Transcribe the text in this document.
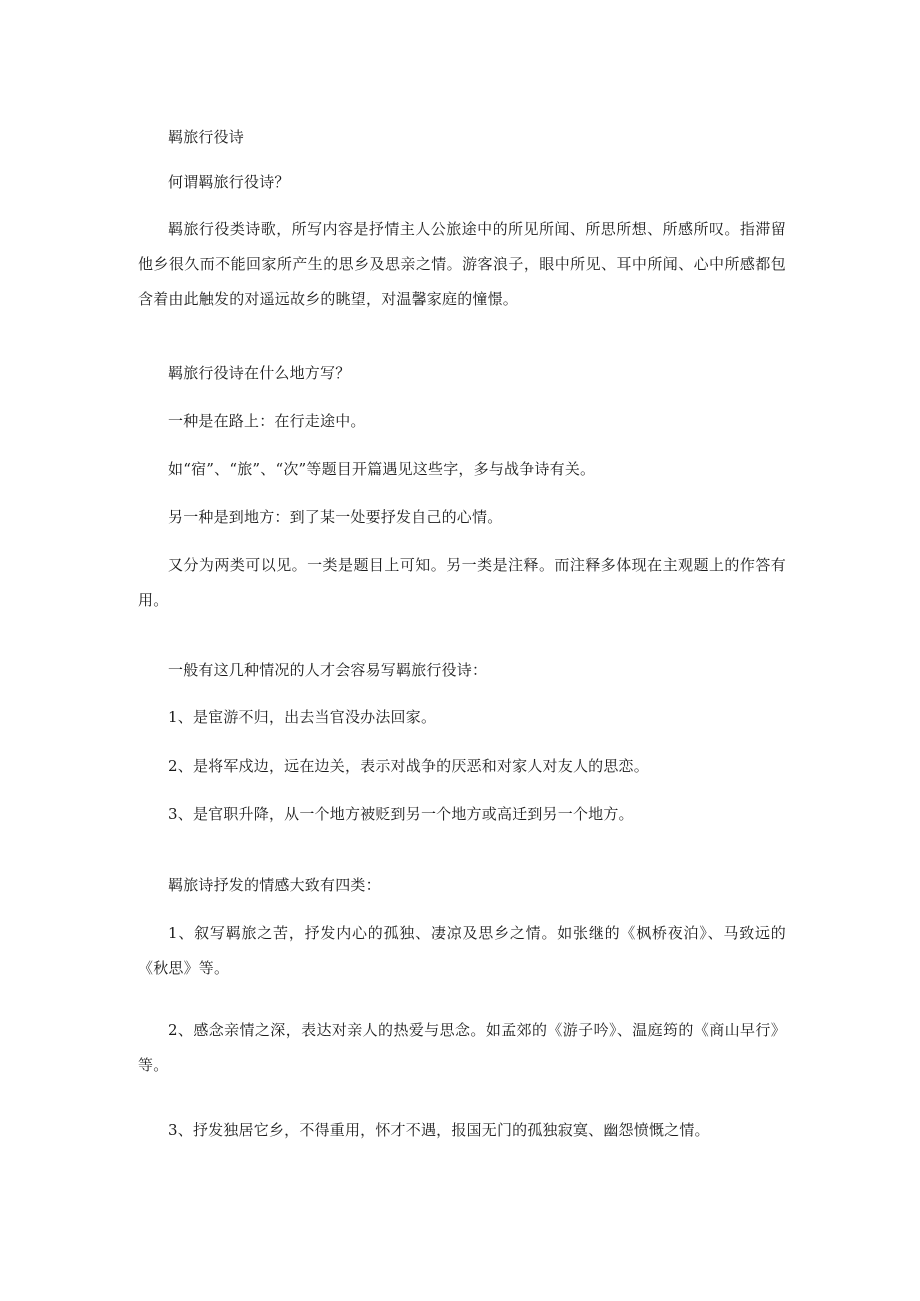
羁旅行役诗

何谓羁旅行役诗？

羁旅行役类诗歌，所写内容是抒情主人公旅途中的所见所闻、所思所想、所感所叹。指滞留他乡很久而不能回家所产生的思乡及思亲之情。游客浪子，眼中所见、耳中所闻、心中所感都包含着由此触发的对遥远故乡的眺望，对温馨家庭的憧憬。

羁旅行役诗在什么地方写？

一种是在路上：在行走途中。

如“宿”、“旅”、“次”等题目开篇遇见这些字，多与战争诗有关。

另一种是到地方：到了某一处要抒发自己的心情。

又分为两类可以见。一类是题目上可知。另一类是注释。而注释多体现在主观题上的作答有用。

一般有这几种情况的人才会容易写羁旅行役诗：

1、是宦游不归，出去当官没办法回家。

2、是将军戍边，远在边关，表示对战争的厌恶和对家人对友人的思恋。

3、是官职升降，从一个地方被贬到另一个地方或高迁到另一个地方。

羁旅诗抒发的情感大致有四类：

1、叙写羁旅之苦，抒发内心的孤独、凄凉及思乡之情。如张继的《枫桥夜泊》、马致远的《秋思》等。

2、感念亲情之深，表达对亲人的热爱与思念。如孟郊的《游子吟》、温庭筠的《商山早行》等。

3、抒发独居它乡，不得重用，怀才不遇，报国无门的孤独寂寞、幽怨愤慨之情。
